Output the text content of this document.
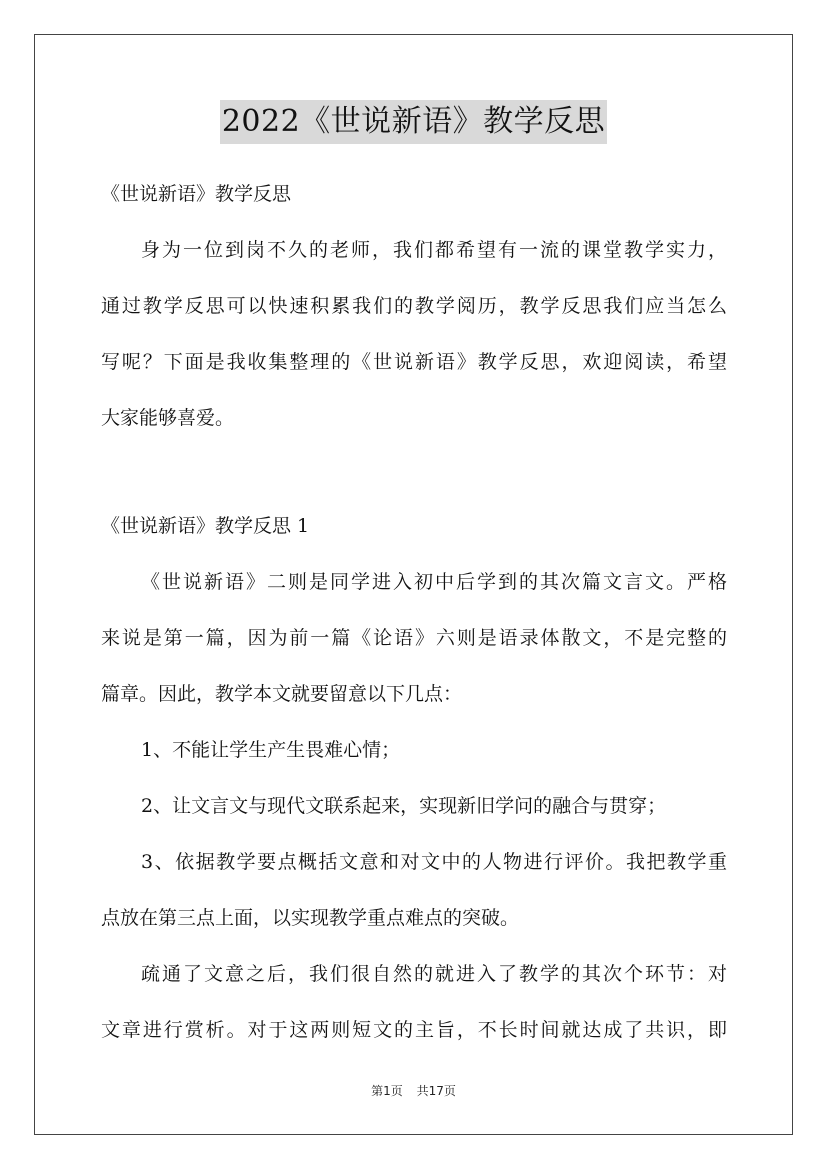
2022《世说新语》教学反思
《世说新语》教学反思
身为一位到岗不久的老师，我们都希望有一流的课堂教学实力，
通过教学反思可以快速积累我们的教学阅历，教学反思我们应当怎么
写呢？下面是我收集整理的《世说新语》教学反思，欢迎阅读，希望
大家能够喜爱。
《世说新语》教学反思 1
《世说新语》二则是同学进入初中后学到的其次篇文言文。严格
来说是第一篇，因为前一篇《论语》六则是语录体散文，不是完整的
篇章。因此，教学本文就要留意以下几点：
1、不能让学生产生畏难心情；
2、让文言文与现代文联系起来，实现新旧学问的融合与贯穿；
3、依据教学要点概括文意和对文中的人物进行评价。我把教学重
点放在第三点上面，以实现教学重点难点的突破。
疏通了文意之后，我们很自然的就进入了教学的其次个环节：对
文章进行赏析。对于这两则短文的主旨，不长时间就达成了共识，即
第1页 共17页
